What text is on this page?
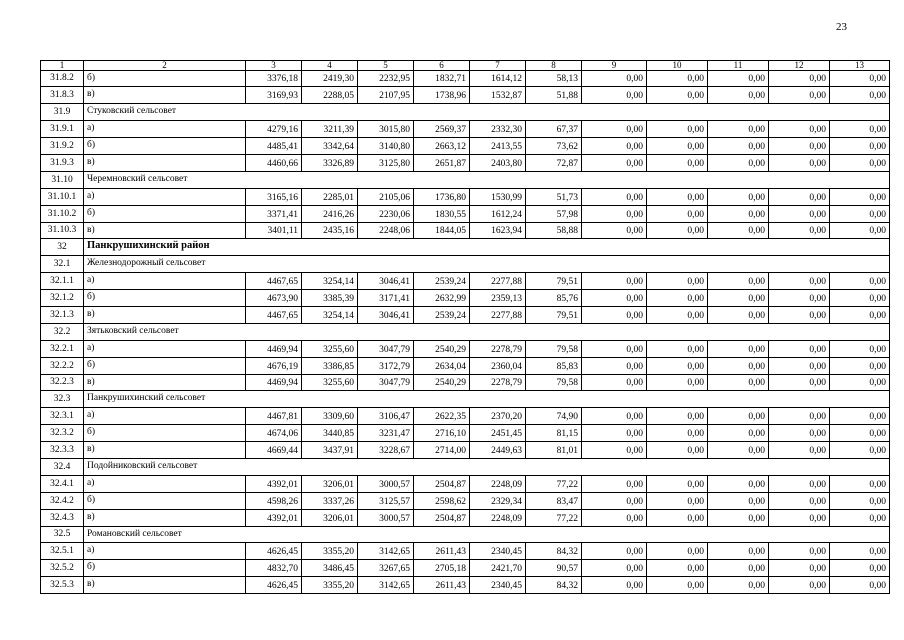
23
1	2	3	4	5	6	7	8	9	10	11	12	13
31.8.2	б)	3376,18	2419,30	2232,95	1832,71	1614,12	58,13	0,00	0,00	0,00	0,00	0,00
31.8.3	в)	3169,93	2288,05	2107,95	1738,96	1532,87	51,88	0,00	0,00	0,00	0,00	0,00
31.9	Стуковский сельсовет											
31.9.1	а)	4279,16	3211,39	3015,80	2569,37	2332,30	67,37	0,00	0,00	0,00	0,00	0,00
31.9.2	б)	4485,41	3342,64	3140,80	2663,12	2413,55	73,62	0,00	0,00	0,00	0,00	0,00
31.9.3	в)	4460,66	3326,89	3125,80	2651,87	2403,80	72,87	0,00	0,00	0,00	0,00	0,00
31.10	Черемновский сельсовет											
31.10.1	а)	3165,16	2285,01	2105,06	1736,80	1530,99	51,73	0,00	0,00	0,00	0,00	0,00
31.10.2	б)	3371,41	2416,26	2230,06	1830,55	1612,24	57,98	0,00	0,00	0,00	0,00	0,00
31.10.3	в)	3401,11	2435,16	2248,06	1844,05	1623,94	58,88	0,00	0,00	0,00	0,00	0,00
32	Панкрушихинский район											
32.1	Железнодорожный сельсовет											
32.1.1	а)	4467,65	3254,14	3046,41	2539,24	2277,88	79,51	0,00	0,00	0,00	0,00	0,00
32.1.2	б)	4673,90	3385,39	3171,41	2632,99	2359,13	85,76	0,00	0,00	0,00	0,00	0,00
32.1.3	в)	4467,65	3254,14	3046,41	2539,24	2277,88	79,51	0,00	0,00	0,00	0,00	0,00
32.2	Зятьковский сельсовет											
32.2.1	а)	4469,94	3255,60	3047,79	2540,29	2278,79	79,58	0,00	0,00	0,00	0,00	0,00
32.2.2	б)	4676,19	3386,85	3172,79	2634,04	2360,04	85,83	0,00	0,00	0,00	0,00	0,00
32.2.3	в)	4469,94	3255,60	3047,79	2540,29	2278,79	79,58	0,00	0,00	0,00	0,00	0,00
32.3	Панкрушихинский сельсовет											
32.3.1	а)	4467,81	3309,60	3106,47	2622,35	2370,20	74,90	0,00	0,00	0,00	0,00	0,00
32.3.2	б)	4674,06	3440,85	3231,47	2716,10	2451,45	81,15	0,00	0,00	0,00	0,00	0,00
32.3.3	в)	4669,44	3437,91	3228,67	2714,00	2449,63	81,01	0,00	0,00	0,00	0,00	0,00
32.4	Подойниковский сельсовет											
32.4.1	а)	4392,01	3206,01	3000,57	2504,87	2248,09	77,22	0,00	0,00	0,00	0,00	0,00
32.4.2	б)	4598,26	3337,26	3125,57	2598,62	2329,34	83,47	0,00	0,00	0,00	0,00	0,00
32.4.3	в)	4392,01	3206,01	3000,57	2504,87	2248,09	77,22	0,00	0,00	0,00	0,00	0,00
32.5	Романовский сельсовет											
32.5.1	а)	4626,45	3355,20	3142,65	2611,43	2340,45	84,32	0,00	0,00	0,00	0,00	0,00
32.5.2	б)	4832,70	3486,45	3267,65	2705,18	2421,70	90,57	0,00	0,00	0,00	0,00	0,00
32.5.3	в)	4626,45	3355,20	3142,65	2611,43	2340,45	84,32	0,00	0,00	0,00	0,00	0,00
